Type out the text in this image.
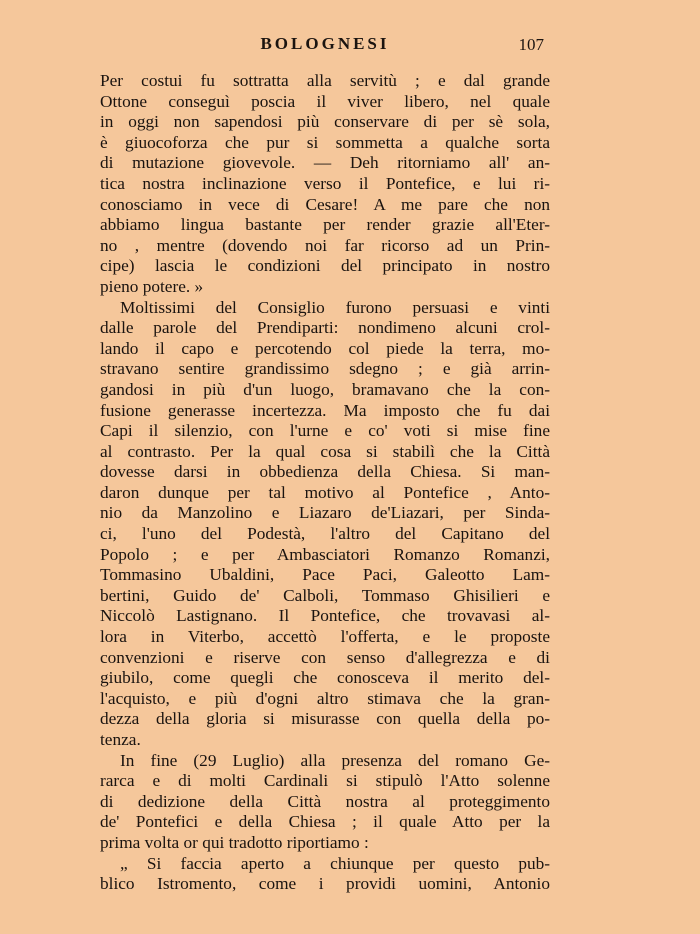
BOLOGNESI	107
Per costui fu sottratta alla servitù ; e dal grande
Ottone conseguì poscia il viver libero, nel quale
in oggi non sapendosi più conservare di per sè sola,
è giuocoforza che pur si sommetta a qualche sorta
di mutazione giovevole. — Deh ritorniamo all' an-
tica nostra inclinazione verso il Pontefice, e lui ri-
conosciamo in vece di Cesare! A me pare che non
abbiamo lingua bastante per render grazie all'Eter-
no , mentre (dovendo noi far ricorso ad un Prin-
cipe) lascia le condizioni del principato in nostro
pieno potere. »
Moltissimi del Consiglio furono persuasi e vinti
dalle parole del Prendiparti: nondimeno alcuni crol-
lando il capo e percotendo col piede la terra, mo-
stravano sentire grandissimo sdegno ; e già arrin-
gandosi in più d'un luogo, bramavano che la con-
fusione generasse incertezza. Ma imposto che fu dai
Capi il silenzio, con l'urne e co' voti si mise fine
al contrasto. Per la qual cosa si stabilì che la Città
dovesse darsi in obbedienza della Chiesa. Si man-
daron dunque per tal motivo al Pontefice , Anto-
nio da Manzolino e Liazaro de'Liazari, per Sinda-
ci, l'uno del Podestà, l'altro del Capitano del
Popolo ; e per Ambasciatori Romanzo Romanzi,
Tommasino Ubaldini, Pace Paci, Galeotto Lam-
bertini, Guido de' Calboli, Tommaso Ghisilieri e
Niccolò Lastignano. Il Pontefice, che trovavasi al-
lora in Viterbo, accettò l'offerta, e le proposte
convenzioni e riserve con senso d'allegrezza e di
giubilo, come quegli che conosceva il merito del-
l'acquisto, e più d'ogni altro stimava che la gran-
dezza della gloria si misurasse con quella della po-
tenza.
In fine (29 Luglio) alla presenza del romano Ge-
rarca e di molti Cardinali si stipulò l'Atto solenne
di dedizione della Città nostra al proteggimento
de' Pontefici e della Chiesa ; il quale Atto per la
prima volta or qui tradotto riportiamo :
„ Si faccia aperto a chiunque per questo pub-
blico Istromento, come i providi uomini, Antonio
